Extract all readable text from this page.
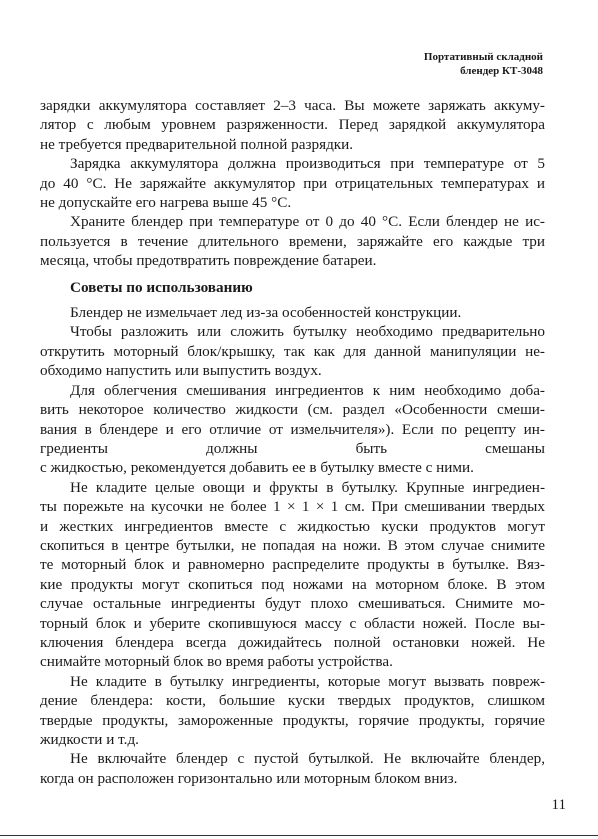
Портативный складной
блендер КТ-3048
зарядки аккумулятора составляет 2–3 часа. Вы можете заряжать аккуму-
лятор с любым уровнем разряженности. Перед зарядкой аккумулятора
не требуется предварительной полной разрядки.
Зарядка аккумулятора должна производиться при температуре от 5
до 40 °С. Не заряжайте аккумулятор при отрицательных температурах и
не допускайте его нагрева выше 45 °С.
Храните блендер при температуре от 0 до 40 °С. Если блендер не ис-
пользуется в течение длительного времени, заряжайте его каждые три
месяца, чтобы предотвратить повреждение батареи.
Советы по использованию
Блендер не измельчает лед из-за особенностей конструкции.
Чтобы разложить или сложить бутылку необходимо предварительно
открутить моторный блок/крышку, так как для данной манипуляции не-
обходимо напустить или выпустить воздух.
Для облегчения смешивания ингредиентов к ним необходимо доба-
вить некоторое количество жидкости (см. раздел «Особенности смеши-
вания в блендере и его отличие от измельчителя»). Если по рецепту ин-
гредиенты должны быть смешаны
с жидкостью, рекомендуется добавить ее в бутылку вместе с ними.
Не кладите целые овощи и фрукты в бутылку. Крупные ингредиен-
ты порежьте на кусочки не более 1 × 1 × 1 см. При смешивании твердых
и жестких ингредиентов вместе с жидкостью куски продуктов могут
скопиться в центре бутылки, не попадая на ножи. В этом случае снимите
те моторный блок и равномерно распределите продукты в бутылке. Вяз-
кие продукты могут скопиться под ножами на моторном блоке. В этом
случае остальные ингредиенты будут плохо смешиваться. Снимите мо-
торный блок и уберите скопившуюся массу с области ножей. После вы-
ключения блендера всегда дожидайтесь полной остановки ножей. Не
снимайте моторный блок во время работы устройства.
Не кладите в бутылку ингредиенты, которые могут вызвать повреж-
дение блендера: кости, большие куски твердых продуктов, слишком
твердые продукты, замороженные продукты, горячие продукты, горячие
жидкости и т.д.
Не включайте блендер с пустой бутылкой. Не включайте блендер,
когда он расположен горизонтально или моторным блоком вниз.
11
